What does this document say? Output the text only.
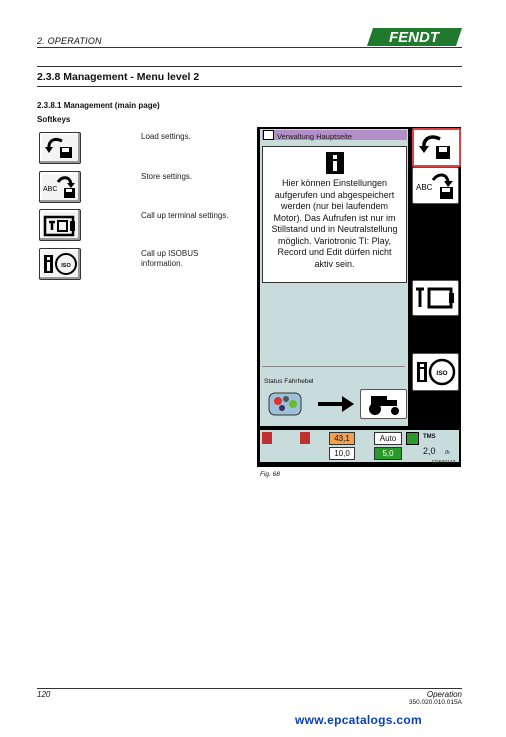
2. OPERATION	FENDT
2.3.8 Management - Menu level 2
2.3.8.1 Management (main page)
Softkeys
Load settings.
ABC
Store settings.
Call up terminal settings.
ISO
Call up ISOBUS information.
Verwaltung Hauptseite
Hier können Einstellungen aufgerufen und abgespeichert werden (nur bei laufendem Motor). Das Aufrufen ist nur im Stillstand und in Neutralstellung möglich. Variotronic TI: Play, Record und Edit dürfen nicht aktiv sein.
Status Fahrhebel
ABC
ISO
43,1	Auto	TMS
10,0	5,0	2,0 /h
FR500142
Fig. 68
120	Operation
350.020.010.015A
www.epcatalogs.com
